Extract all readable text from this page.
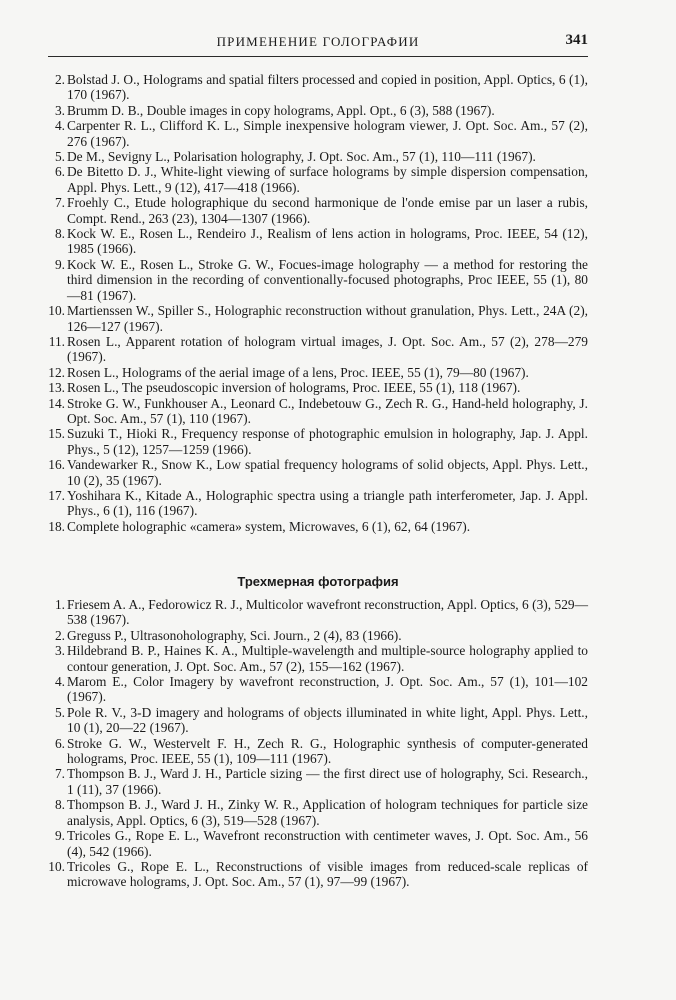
ПРИМЕНЕНИЕ ГОЛОГРАФИИ	341
2. Bolstad J. O., Holograms and spatial filters processed and copied in position, Appl. Optics, 6 (1), 170 (1967).
3. Brumm D. B., Double images in copy holograms, Appl. Opt., 6 (3), 588 (1967).
4. Carpenter R. L., Clifford K. L., Simple inexpensive hologram viewer, J. Opt. Soc. Am., 57 (2), 276 (1967).
5. De M., Sevigny L., Polarisation holography, J. Opt. Soc. Am., 57 (1), 110—111 (1967).
6. De Bitetto D. J., White-light viewing of surface holograms by simple dispersion compensation, Appl. Phys. Lett., 9 (12), 417—418 (1966).
7. Froehly C., Etude holographique du second harmonique de l'onde emise par un laser a rubis, Compt. Rend., 263 (23), 1304—1307 (1966).
8. Kock W. E., Rosen L., Rendeiro J., Realism of lens action in holograms, Proc. IEEE, 54 (12), 1985 (1966).
9. Kock W. E., Rosen L., Stroke G. W., Focues-image holography — a method for restoring the third dimension in the recording of conventionally-focused photographs, Proc IEEE, 55 (1), 80—81 (1967).
10. Martienssen W., Spiller S., Holographic reconstruction without granulation, Phys. Lett., 24A (2), 126—127 (1967).
11. Rosen L., Apparent rotation of hologram virtual images, J. Opt. Soc. Am., 57 (2), 278—279 (1967).
12. Rosen L., Holograms of the aerial image of a lens, Proc. IEEE, 55 (1), 79—80 (1967).
13. Rosen L., The pseudoscopic inversion of holograms, Proc. IEEE, 55 (1), 118 (1967).
14. Stroke G. W., Funkhouser A., Leonard C., Indebetouw G., Zech R. G., Hand-held holography, J. Opt. Soc. Am., 57 (1), 110 (1967).
15. Suzuki T., Hioki R., Frequency response of photographic emulsion in holography, Jap. J. Appl. Phys., 5 (12), 1257—1259 (1966).
16. Vandewarker R., Snow K., Low spatial frequency holograms of solid objects, Appl. Phys. Lett., 10 (2), 35 (1967).
17. Yoshihara K., Kitade A., Holographic spectra using a triangle path interferometer, Jap. J. Appl. Phys., 6 (1), 116 (1967).
18. Complete holographic «camera» system, Microwaves, 6 (1), 62, 64 (1967).
Трехмерная фотография
1. Friesem A. A., Fedorowicz R. J., Multicolor wavefront reconstruction, Appl. Optics, 6 (3), 529—538 (1967).
2. Greguss P., Ultrasonoholography, Sci. Journ., 2 (4), 83 (1966).
3. Hildebrand B. P., Haines K. A., Multiple-wavelength and multiple-source holography applied to contour generation, J. Opt. Soc. Am., 57 (2), 155—162 (1967).
4. Marom E., Color Imagery by wavefront reconstruction, J. Opt. Soc. Am., 57 (1), 101—102 (1967).
5. Pole R. V., 3-D imagery and holograms of objects illuminated in white light, Appl. Phys. Lett., 10 (1), 20—22 (1967).
6. Stroke G. W., Westervelt F. H., Zech R. G., Holographic synthesis of computer-generated holograms, Proc. IEEE, 55 (1), 109—111 (1967).
7. Thompson B. J., Ward J. H., Particle sizing — the first direct use of holography, Sci. Research., 1 (11), 37 (1966).
8. Thompson B. J., Ward J. H., Zinky W. R., Application of hologram techniques for particle size analysis, Appl. Optics, 6 (3), 519—528 (1967).
9. Tricoles G., Rope E. L., Wavefront reconstruction with centimeter waves, J. Opt. Soc. Am., 56 (4), 542 (1966).
10. Tricoles G., Rope E. L., Reconstructions of visible images from reduced-scale replicas of microwave holograms, J. Opt. Soc. Am., 57 (1), 97—99 (1967).
